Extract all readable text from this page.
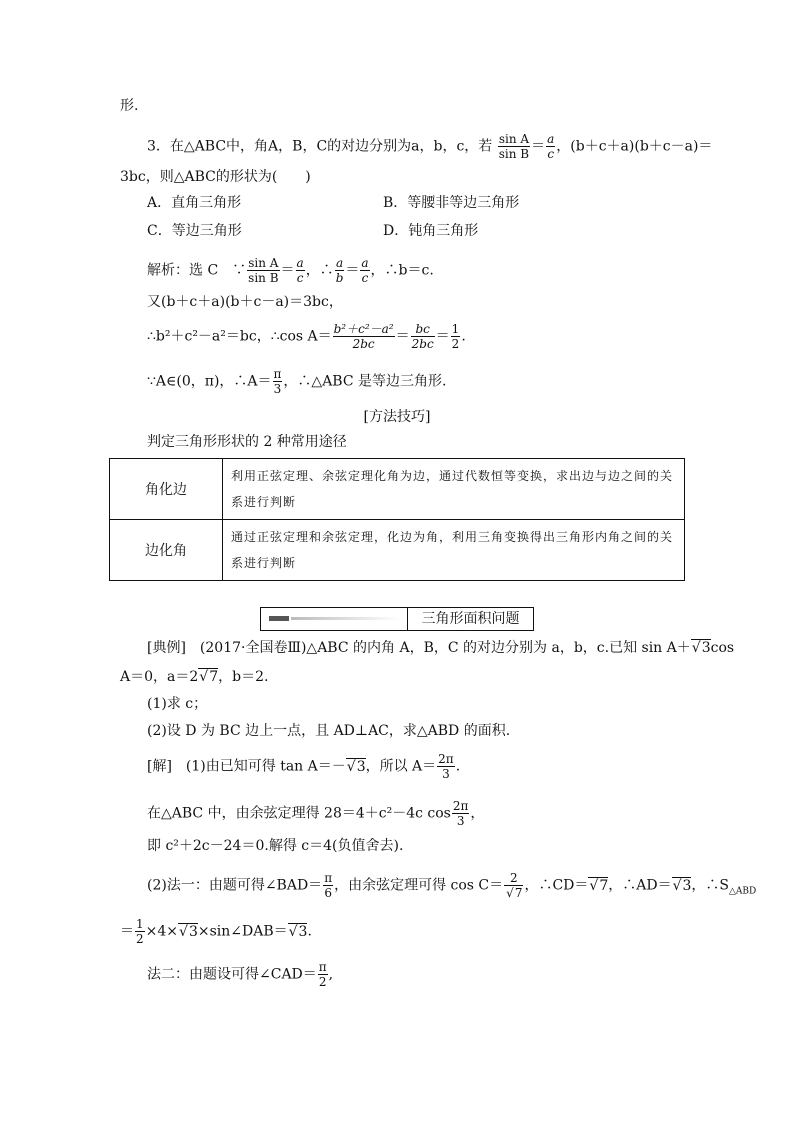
形.
3．在△ABC中，角A，B，C的对边分别为a，b，c，若 $\frac{\text{sin A}}{\text{sin B}} = \frac{a}{c}$ ，(b＋c＋a)(b＋c－a)＝
3bc，则△ABC的形状为(　　)
A．直角三角形	B．等腰非等边三角形
C．等边三角形	D．钝角三角形
解析：选 C　∵ $\frac{\text{sin A}}{\text{sin B}} = \frac{a}{c}$ ，∴ $\frac{a}{b} = \frac{a}{c}$ ，∴b＝c.
又(b＋c＋a)(b＋c－a)＝3bc，
∴b²＋c²－a²＝bc，∴cos $A= \frac{\text{b²＋c²－a²}}{2bc} = \frac{bc}{2bc} = \frac{1}{2}$ .
∵A∈(0，π)，∴A＝ $\frac{\pi}{3}$ ，∴△ABC 是等边三角形.
[方法技巧]
判定三角形形状的 2 种常用途径
角化边	利用正弦定理、余弦定理化角为边，通过代数恒等变换，求出边与边之间的关系进行判断
边化角	通过正弦定理和余弦定理，化边为角，利用三角变换得出三角形内角之间的关系进行判断
三角形面积问题
[典例]　(2017·全国卷Ⅲ)△ABC 的内角 A，B，C 的对边分别为 a，b，c.已知 sin A＋ √ 3cos
A＝0，a＝2 √ 7，b＝2.
(1)求 c；
(2)设 D 为 BC 边上一点，且 AD⊥AC，求△ABD 的面积.
[解]　(1)由已知可得 tan A＝－ √ 3，所以 $A= \frac{2\pi}{3}$ .
在△ABC 中，由余弦定理得 28＝4＋c²－4c $\cos \frac{2\pi}{3}$ ，
即 c²＋2c－24＝0.解得 c＝4(负值舍去).
(2)法一：由题可得∠BAD＝ $\frac{\pi}{6}$ ，由余弦定理可得 cos C＝ 2
√ 7 ，∴CD＝ √ 7，∴AD＝ √ 3，$\therefore S_{\triangle ABD}$
＝ $\frac{1}{2} \times 4\times$ √ 3×sin∠DAB＝ √ 3.
法二：由题设可得∠CAD＝ $\frac{\pi}{2}$ ,
